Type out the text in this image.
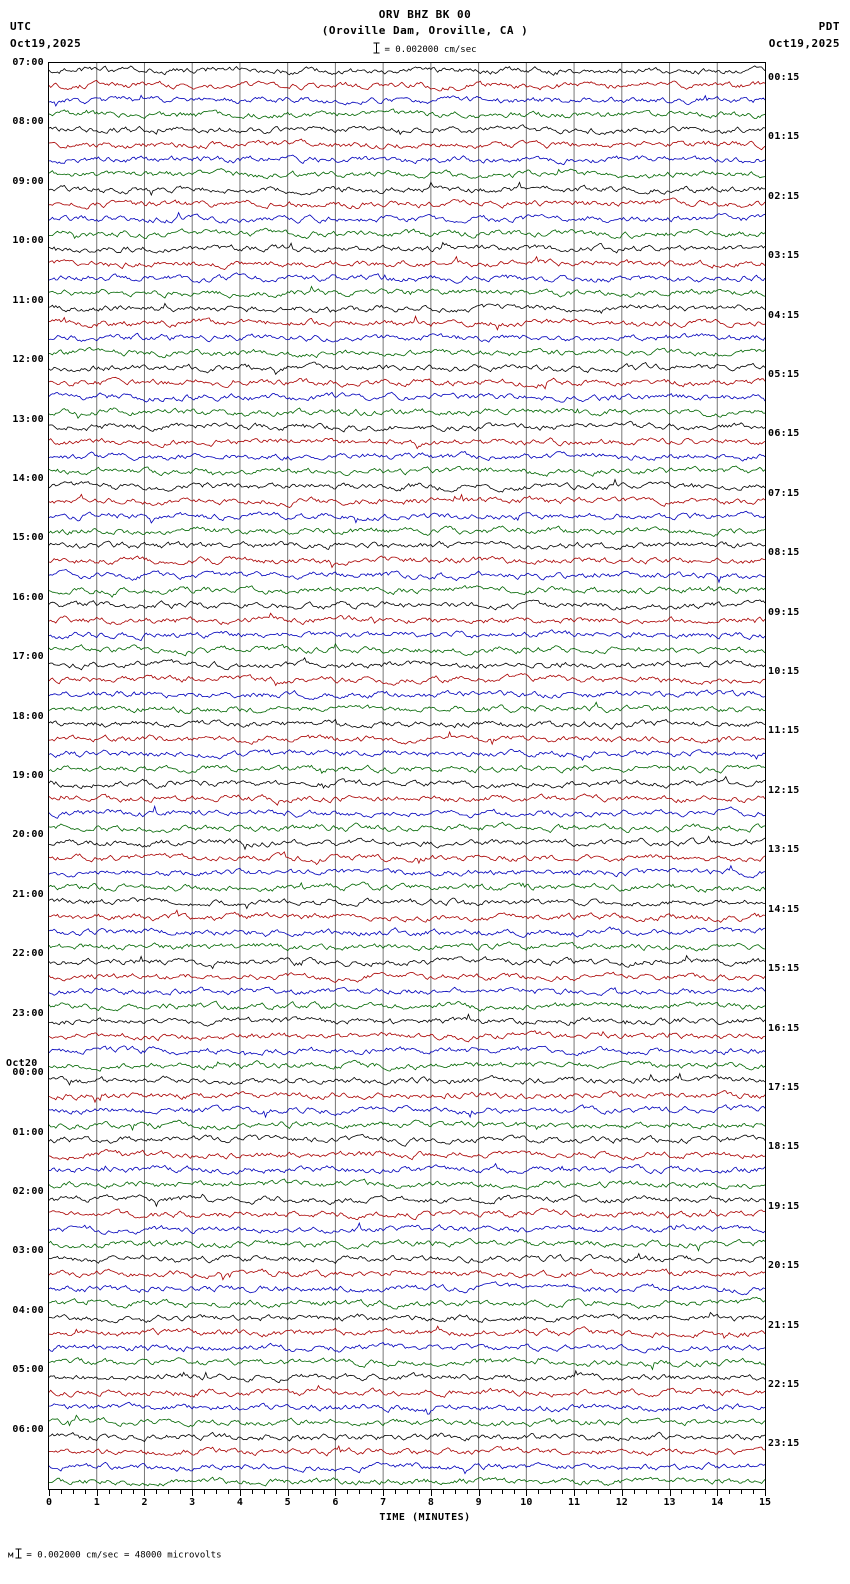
UTC
Oct19,2025
ORV BHZ BK 00
(Oroville Dam, Oroville, CA )	PDT
Oct19,2025
= 0.002000 cm/sec
0	1	2	3	4	5	6	7	8	9	10	11	12	13	14	15
TIME (MINUTES)
м = 0.002000 cm/sec = 48000 microvolts
07:00
08:00
09:00
10:00
11:00
12:00
13:00
14:00
15:00
16:00
17:00
18:00
19:00
20:00
21:00
22:00
23:00
00:00
01:00
02:00
03:00
04:00
05:00
06:00
00:15
01:15
02:15
03:15
04:15
05:15
06:15
07:15
08:15
09:15
10:15
11:15
12:15
13:15
14:15
15:15
16:15
17:15
18:15
19:15
20:15
21:15
22:15
23:15
Oct20
